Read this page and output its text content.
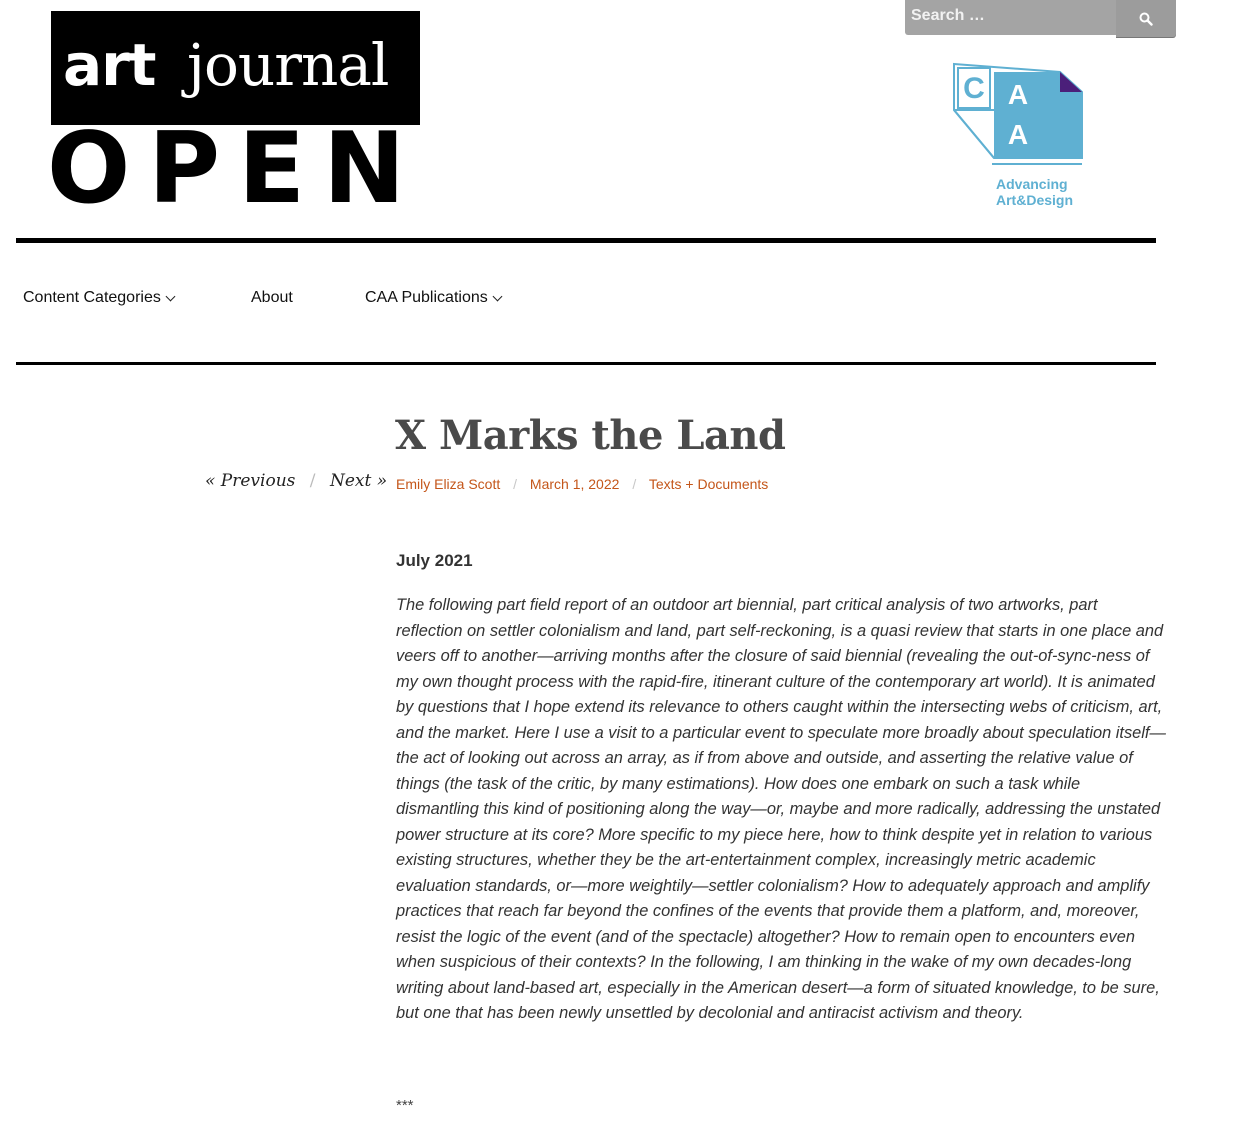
art journal
OPEN
Search …
C A
A
Advancing
Art&Design
Content Categories	About	CAA Publications
« Previous / Next »
X Marks the Land
Emily Eliza Scott / March 1, 2022 / Texts + Documents
July 2021

The following part field report of an outdoor art biennial, part critical analysis of two artworks, part reflection on settler colonialism and land, part self-reckoning, is a quasi review that starts in one place and veers off to another—arriving months after the closure of said biennial (revealing the out-of-sync-ness of my own thought process with the rapid-fire, itinerant culture of the contemporary art world). It is animated by questions that I hope extend its relevance to others caught within the intersecting webs of criticism, art, and the market. Here I use a visit to a particular event to speculate more broadly about speculation itself—the act of looking out across an array, as if from above and outside, and asserting the relative value of things (the task of the critic, by many estimations). How does one embark on such a task while dismantling this kind of positioning along the way—or, maybe and more radically, addressing the unstated power structure at its core? More specific to my piece here, how to think despite yet in relation to various existing structures, whether they be the art-entertainment complex, increasingly metric academic evaluation standards, or—more weightily—settler colonialism? How to adequately approach and amplify practices that reach far beyond the confines of the events that provide them a platform, and, moreover, resist the logic of the event (and of the spectacle) altogether? How to remain open to encounters even when suspicious of their contexts? In the following, I am thinking in the wake of my own decades-long writing about land-based art, especially in the American desert—a form of situated knowledge, to be sure, but one that has been newly unsettled by decolonial and antiracist activism and theory.

***
